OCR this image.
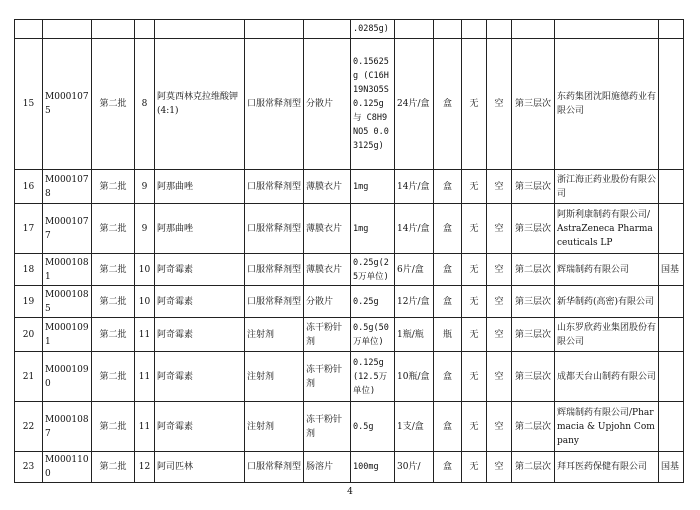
							.0285g)							
15	M0001075	第二批	8	阿莫西林克拉维酸钾(4:1)	口服常释剂型	分散片	0.15625g (C16H19N3O5S 0.125g 与 C8H9NO5 0.03125g)	24片/盒	盒	无	空	第三层次	东药集团沈阳施德药业有限公司	
16	M0001078	第二批	9	阿那曲唑	口服常释剂型	薄膜衣片	1mg	14片/盒	盒	无	空	第三层次	浙江海正药业股份有限公司	
17	M0001077	第二批	9	阿那曲唑	口服常释剂型	薄膜衣片	1mg	14片/盒	盒	无	空	第三层次	阿斯利康制药有限公司/AstraZeneca Pharmaceuticals LP	
18	M0001081	第二批	10	阿奇霉素	口服常释剂型	薄膜衣片	0.25g(25万单位)	6片/盒	盒	无	空	第二层次	辉瑞制药有限公司	国基
19	M0001085	第二批	10	阿奇霉素	口服常释剂型	分散片	0.25g	12片/盒	盒	无	空	第三层次	新华制药(高密)有限公司	
20	M0001091	第二批	11	阿奇霉素	注射剂	冻干粉针剂	0.5g(50万单位)	1瓶/瓶	瓶	无	空	第三层次	山东罗欣药业集团股份有限公司	
21	M0001090	第二批	11	阿奇霉素	注射剂	冻干粉针剂	0.125g(12.5万单位)	10瓶/盒	盒	无	空	第三层次	成都天台山制药有限公司	
22	M0001087	第二批	11	阿奇霉素	注射剂	冻干粉针剂	0.5g	1支/盒	盒	无	空	第二层次	辉瑞制药有限公司/Pharmacia & Upjohn Company	
23	M0001100	第二批	12	阿司匹林	口服常释剂型	肠溶片	100mg	30片/	盒	无	空	第二层次	拜耳医药保健有限公司	国基
4
